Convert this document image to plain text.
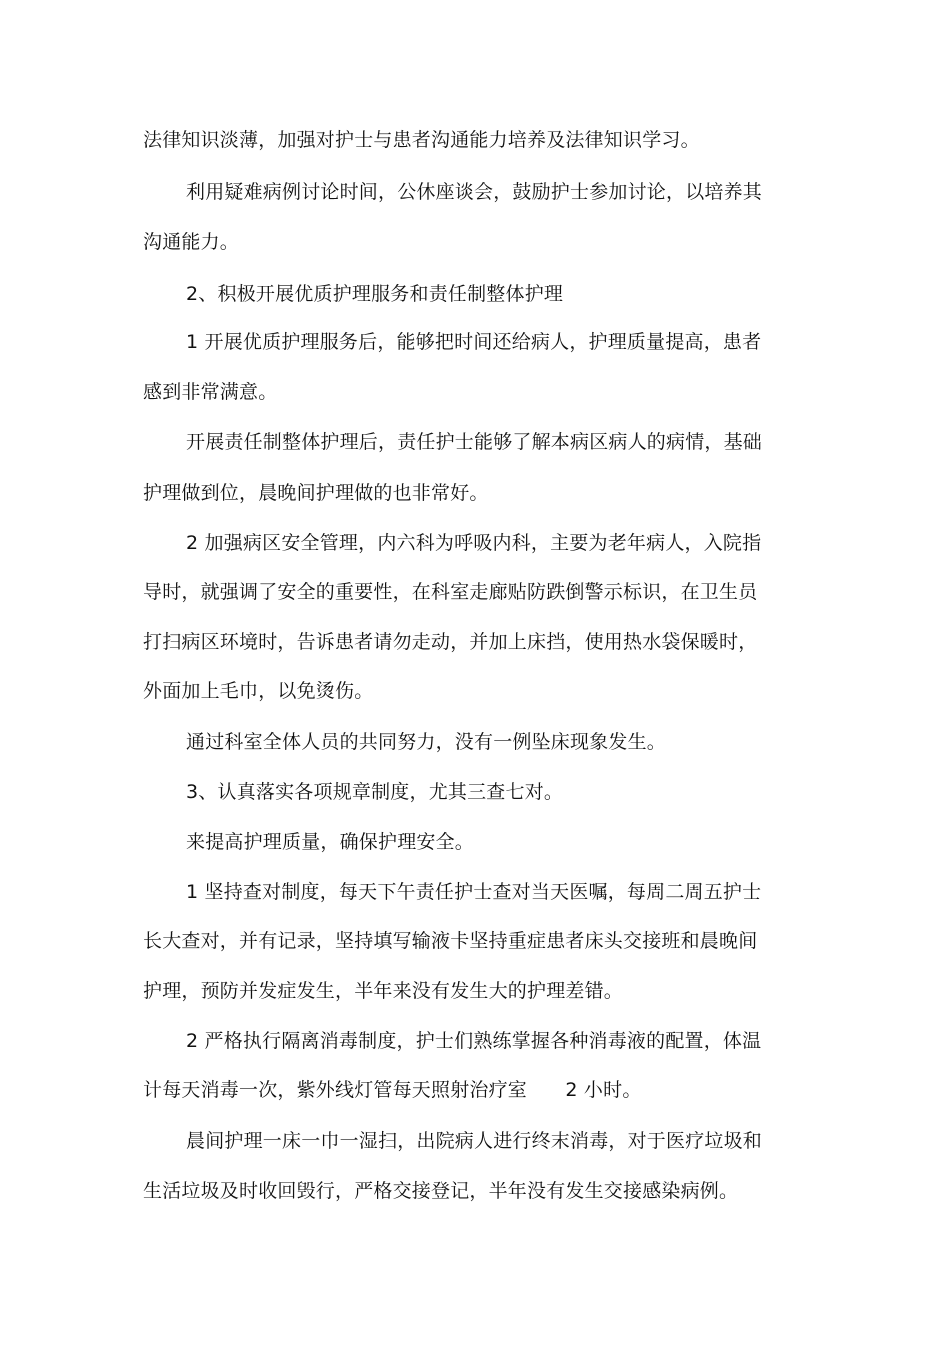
法律知识淡薄，加强对护士与患者沟通能力培养及法律知识学习。
利用疑难病例讨论时间，公休座谈会，鼓励护士参加讨论，以培养其
沟通能力。
2、积极开展优质护理服务和责任制整体护理
1 开展优质护理服务后，能够把时间还给病人，护理质量提高，患者
感到非常满意。
开展责任制整体护理后，责任护士能够了解本病区病人的病情，基础
护理做到位，晨晚间护理做的也非常好。
2 加强病区安全管理，内六科为呼吸内科，主要为老年病人，入院指
导时，就强调了安全的重要性，在科室走廊贴防跌倒警示标识，在卫生员
打扫病区环境时，告诉患者请勿走动，并加上床挡，使用热水袋保暖时，
外面加上毛巾，以免烫伤。
通过科室全体人员的共同努力，没有一例坠床现象发生。
3、认真落实各项规章制度，尤其三查七对。
来提高护理质量，确保护理安全。
1 坚持查对制度，每天下午责任护士查对当天医嘱，每周二周五护士
长大查对，并有记录，坚持填写输液卡坚持重症患者床头交接班和晨晚间
护理，预防并发症发生，半年来没有发生大的护理差错。
2 严格执行隔离消毒制度，护士们熟练掌握各种消毒液的配置，体温
计每天消毒一次，紫外线灯管每天照射治疗室　　2 小时。
晨间护理一床一巾一湿扫，出院病人进行终末消毒，对于医疗垃圾和
生活垃圾及时收回毁行，严格交接登记，半年没有发生交接感染病例。
